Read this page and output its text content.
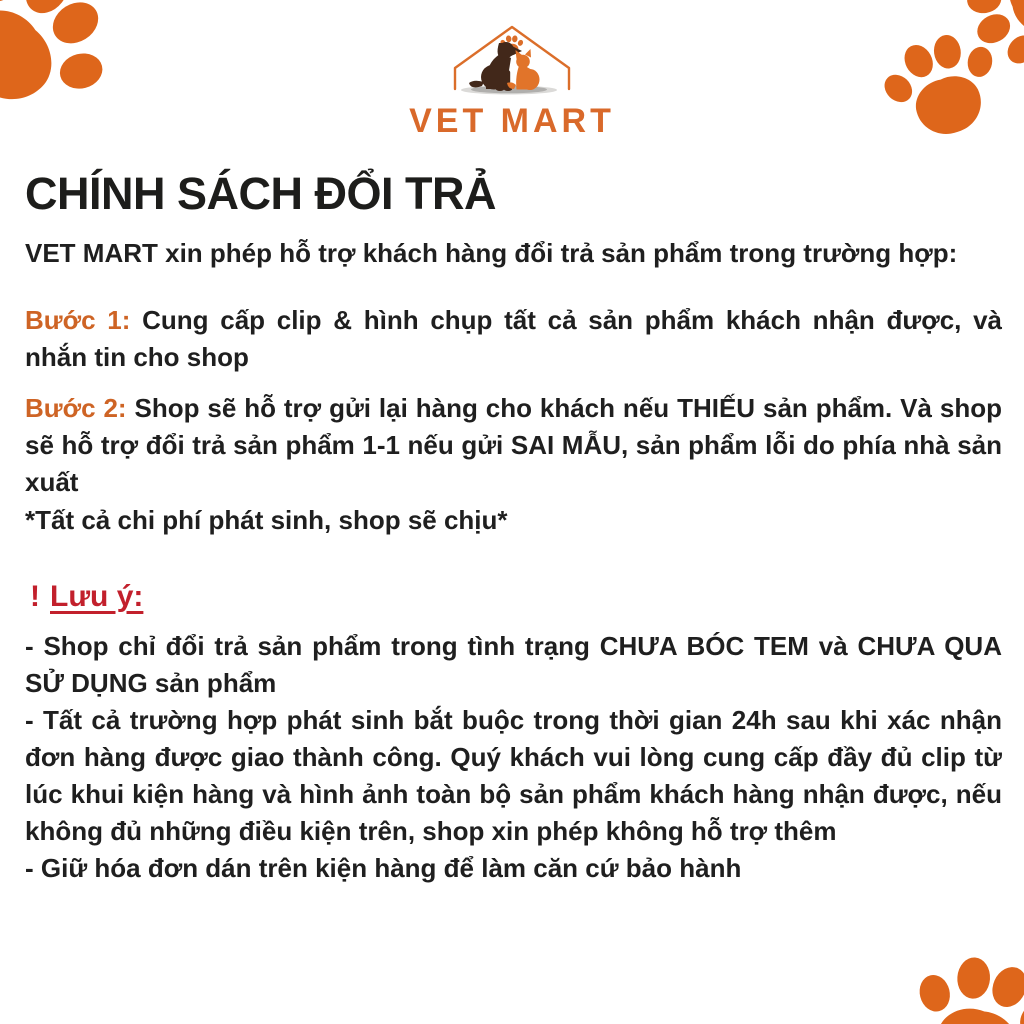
VET MART
CHÍNH SÁCH ĐỔI TRẢ
VET MART xin phép hỗ trợ khách hàng đổi trả sản phẩm trong trường hợp:
Bước 1: Cung cấp clip & hình chụp tất cả sản phẩm khách nhận được, và nhắn tin cho shop
Bước 2: Shop sẽ hỗ trợ gửi lại hàng cho khách nếu THIẾU sản phẩm. Và shop sẽ hỗ trợ đổi trả sản phẩm 1-1 nếu gửi SAI MẪU, sản phẩm lỗi do phía nhà sản xuất
*Tất cả chi phí phát sinh, shop sẽ chịu*
! Lưu ý:

- Shop chỉ đổi trả sản phẩm trong tình trạng CHƯA BÓC TEM và CHƯA QUA SỬ DỤNG sản phẩm

- Tất cả trường hợp phát sinh bắt buộc trong thời gian 24h sau khi xác nhận đơn hàng được giao thành công. Quý khách vui lòng cung cấp đầy đủ clip từ lúc khui kiện hàng và hình ảnh toàn bộ sản phẩm khách hàng nhận được, nếu không đủ những điều kiện trên, shop xin phép không hỗ trợ thêm

- Giữ hóa đơn dán trên kiện hàng để làm căn cứ bảo hành
